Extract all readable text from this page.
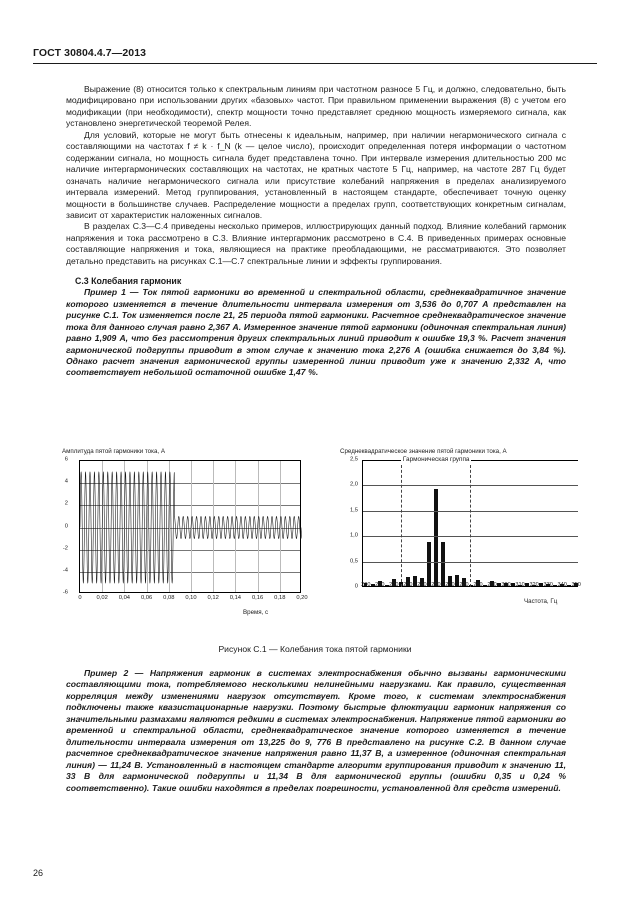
ГОСТ 30804.4.7—2013

Выражение (8) относится только к спектральным линиям при частотном разносе 5 Гц, и должно, следовательно, быть модифицировано при использовании других «базовых» частот. При правильном применении выражения (8) с учетом его модификации (при необходимости), спектр мощности точно представляет среднюю мощность измеряемого сигнала, как установлено энергетической теоремой Релея.

Для условий, которые не могут быть отнесены к идеальным, например, при наличии негармонического сигнала с составляющими на частотах f ≠ k · f_N (k — целое число), происходит определенная потеря информации о частотном содержании сигнала, но мощность сигнала будет представлена точно. При интервале измерения длительностью 200 мс наличие интергармонических составляющих на частотах, не кратных частоте 5 Гц, например, на частоте 287 Гц будет означать наличие негармонического сигнала или присутствие колебаний напряжения в пределах анализируемого интервала измерений. Метод группирования, установленный в настоящем стандарте, обеспечивает точную оценку мощности в большинстве случаев. Распределение мощности а пределах групп, соответствующих конкретным сигналам, зависит от характеристик наложенных сигналов.

В разделах С.3—С.4 приведены несколько примеров, иллюстрирующих данный подход. Влияние колебаний гармоник напряжения и тока рассмотрено в С.3. Влияние интергармоник рассмотрено в С.4. В приведенных примерах основные составляющие напряжения и тока, являющиеся на практике преобладающими, не рассматриваются. Это позволяет детально представить на рисунках С.1—С.7 спектральные линии и эффекты группирования.

С.3 Колебания гармоник

Пример 1 — Ток пятой гармоники во временной и спектральной области, среднеквадратичное значение которого изменяется в течение длительности интервала измерения от 3,536 до 0,707 А представлен на рисунке С.1. Ток изменяется после 21, 25 периода пятой гармоники. Расчетное среднеквадратическое значение тока для данного случая равно 2,367 А. Измеренное значение пятой гармоники (одиночная спектральная линия) равно 1,909 А, что без рассмотрения других спектральных линий приводит к ошибке 19,3 %. Расчет значения гармонической подгруппы приводит в этом случае к значению тока 2,276 А (ошибка снижается до 3,84 %). Однако расчет значения гармонической группы измеренной линии приводит уже к значению 2,332 А, что соответствует небольшой остаточной ошибке 1,47 %.

Амплитуда пятой гармоники тока, А
6
4
2
0
-2
-4
-6
0	0,02	0,04	0,06	0,08	0,10	0,12	0,14	0,16	0,18	0,20
Время, с
Среднеквадратическое значение пятой гармоники тока, А
0
0,5
1,0
1,5
2,0
2,5
200 210 220 230 240 250 260 270 280 290 300 310 320 330 340 350
Частота, Гц
Гармоническая группа
Рисунок С.1 — Колебания тока пятой гармоники

Пример 2 — Напряжения гармоник в системах электроснабжения обычно вызваны гармоническими составляющими тока, потребляемого несколькими нелинейными нагрузками. Как правило, существенная корреляция между изменениями нагрузок отсутствует. Кроме того, к системам электроснабжения подключены также квазистационарные нагрузки. Поэтому быстрые флюктуации гармоник напряжения со значительными размахами являются редкими в системах электроснабжения. Напряжение пятой гармоники во временной и спектральной области, среднеквадратическое значение которого изменяется в течение длительности интервала измерения от 13,225 до 9, 776 В представлено на рисунке С.2. В данном случае расчетное среднеквадратическое значение напряжения равно 11,37 В, а измеренное (одиночная спектральная линия) — 11,24 В. Установленный в настоящем стандарте алгоритм группирования приводит к значению 11, 33 В для гармонической подгруппы и 11,34 В для гармонической группы (ошибки 0,35 и 0,24 % соответственно). Такие ошибки находятся в пределах погрешности, установленной для средств измерений.

26
